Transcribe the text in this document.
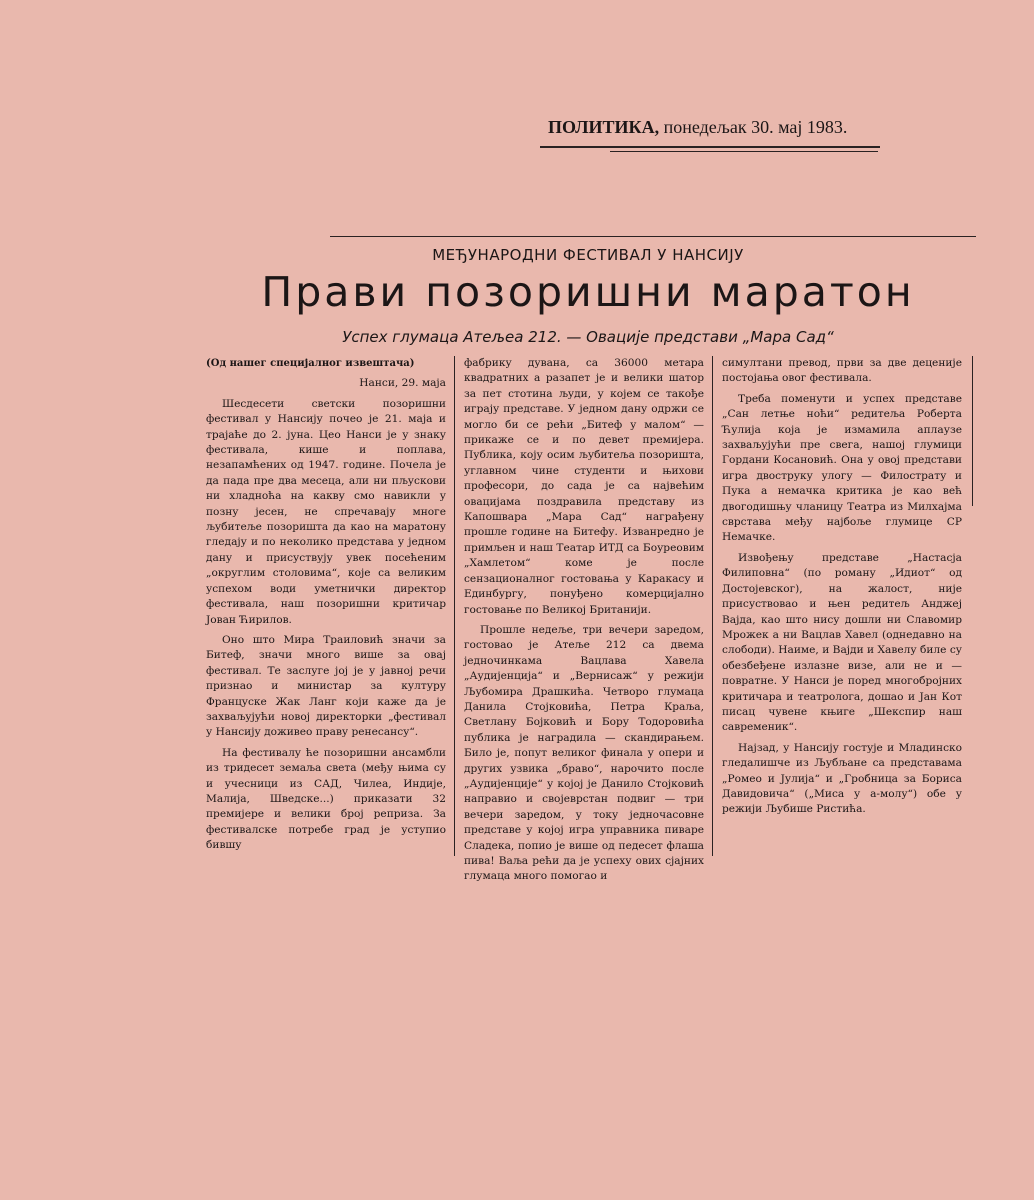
ПОЛИТИКА, понедељак 30. мај 1983.
МЕЂУНАРОДНИ ФЕСТИВАЛ У НАНСИЈУ
Прави позоришни маратон
Успех глумаца Атељеа 212. — Овације представи „Мара Сад“

(Од нашег специјалног извештача)

Нанси, 29. маја

Шесдесети светски позоришни фестивал у Нансију почео је 21. маја и трајаће до 2. јуна. Цео Нанси је у знаку фестивала, кише и поплава, незапамћених од 1947. године. Почела је да пада пре два месеца, али ни пљускови ни хладноћа на какву смо навикли у позну јесен, не спречавају многе љубитеље позоришта да као на маратону гледају и по неколико представа у једном дану и присуствују увек посећеним „округлим столовима“, које са великим успехом води уметнички директор фестивала, наш позоришни критичар Јован Ћирилов.

Оно што Мира Траиловић значи за Битеф, значи много више за овај фестивал. Те заслуге јој је у јавној речи признао и министар за културу Француске Жак Ланг који каже да је захваљујући новој директорки „фестивал у Нансију доживео праву ренесансу“.

На фестивалу ће позоришни ансамбли из тридесет земаља света (међу њима су и учесници из САД, Чилеа, Индије, Малија, Шведске...) приказати 32 премијере и велики број реприза. За фестивалске потребе град је уступио бившу

фабрику дувана, са 36000 метара квадратних а разапет је и велики шатор за пет стотина људи, у којем се такође играју представе. У једном дану одржи се могло би се рећи „Битеф у малом“ — прикаже се и по девет премијера. Публика, коју осим љубитеља позоришта, углавном чине студенти и њихови професори, до сада је са највећим овацијама поздравила представу из Капошвара „Мара Сад“ награђену прошле године на Битефу. Изванредно је примљен и наш Театар ИТД са Боуреовим „Хамлетом“ коме је после сензационалног гостовања у Каракасу и Единбургу, понуђено комерцијално гостовање по Великој Британији.

Прошле недеље, три вечери заредом, гостовао је Атеље 212 са двема једночинкама Вацлава Хавела „Аудијенција“ и „Вернисаж“ у режији Љубомира Драшкића. Четворо глумаца Данила Стојковића, Петра Краља, Светлану Бојковић и Бору Тодоровића публика је наградила — скандирањем. Било је, попут великог финала у опери и других узвика „браво“, нарочито после „Аудијенције“ у којој је Данило Стојковић направио и својеврстан подвиг — три вечери заредом, у току једночасовне представе у којој игра управника пиваре Сладека, попио је више од педесет флаша пива! Ваља рећи да је успеху ових сјајних глумаца много помогао и

симултани превод, први за две деценије постојања овог фестивала.

Треба поменути и успех представе „Сан летње ноћи“ редитеља Роберта Ћулија која је измамила аплаузе захваљујући пре свега, нашој глумици Гордани Косановић. Она у овој представи игра двоструку улогу — Филострату и Пука а немачка критика је као већ двогодишњу чланицу Театра из Милхајма сврстава међу најбоље глумице СР Немачке.

Извођењу представе „Настасја Филиповна“ (по роману „Идиот“ од Достојевског), на жалост, није присуствовао и њен редитељ Анджеј Вајда, као што нису дошли ни Славомир Мрожек а ни Вацлав Хавел (однедавно на слободи). Наиме, и Вајди и Хавелу биле су обезбеђене излазне визе, али не и — повратне. У Нанси је поред многобројних критичара и театролога, дошао и Јан Кот писац чувене књиге „Шекспир наш савременик“.

Најзад, у Нансију гостује и Младинско гледалишче из Љубљане са представама „Ромео и Јулија“ и „Гробница за Бориса Давидовича“ („Миса у а-молу“) обе у режији Љубише Ристића.
